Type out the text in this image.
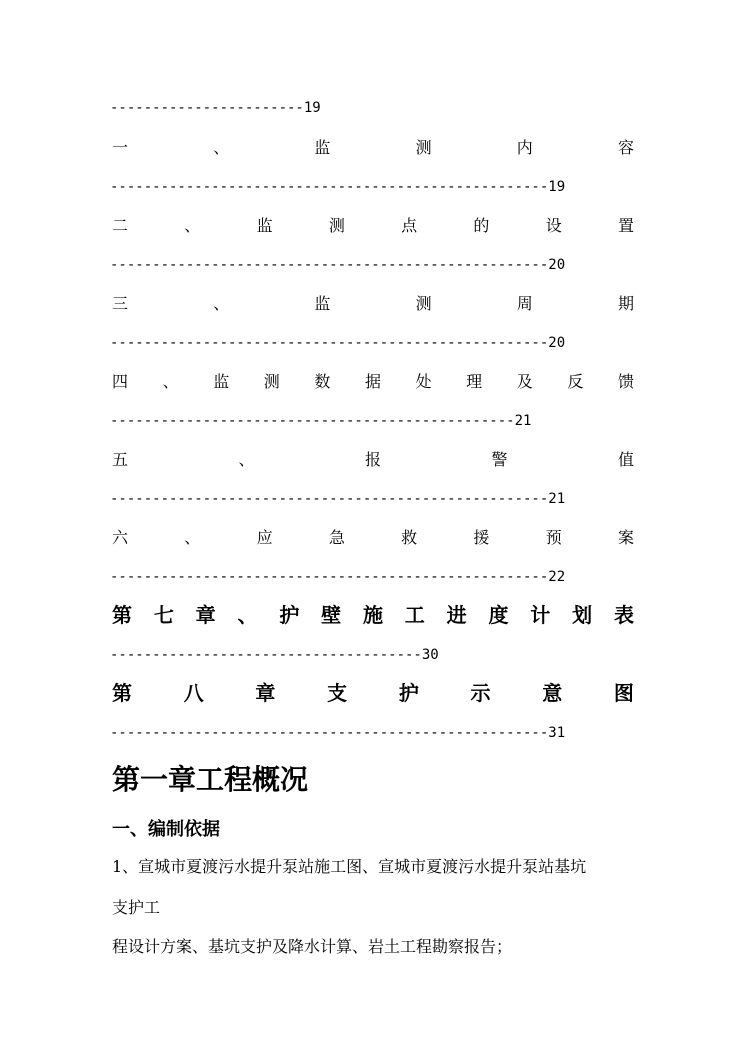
-----------------------19
一	、	监	测	内	容
----------------------------------------------------19
二	、	监	测	点	的	设	置
----------------------------------------------------20
三	、	监	测	周	期
----------------------------------------------------20
四 、 监 测 数 据 处 理 及 反 馈
------------------------------------------------21
五	、	报	警	值
----------------------------------------------------21
六	、	应	急	救	援	预	案
----------------------------------------------------22
第 七 章 、 护 壁 施 工 进 度 计 划 表
-------------------------------------30
第	八	章	支	护	示	意	图
----------------------------------------------------31
第一章工程概况
一、编制依据
1、宣城市夏渡污水提升泵站施工图、宣城市夏渡污水提升泵站基坑
支护工
程设计方案、基坑支护及降水计算、岩土工程勘察报告；
